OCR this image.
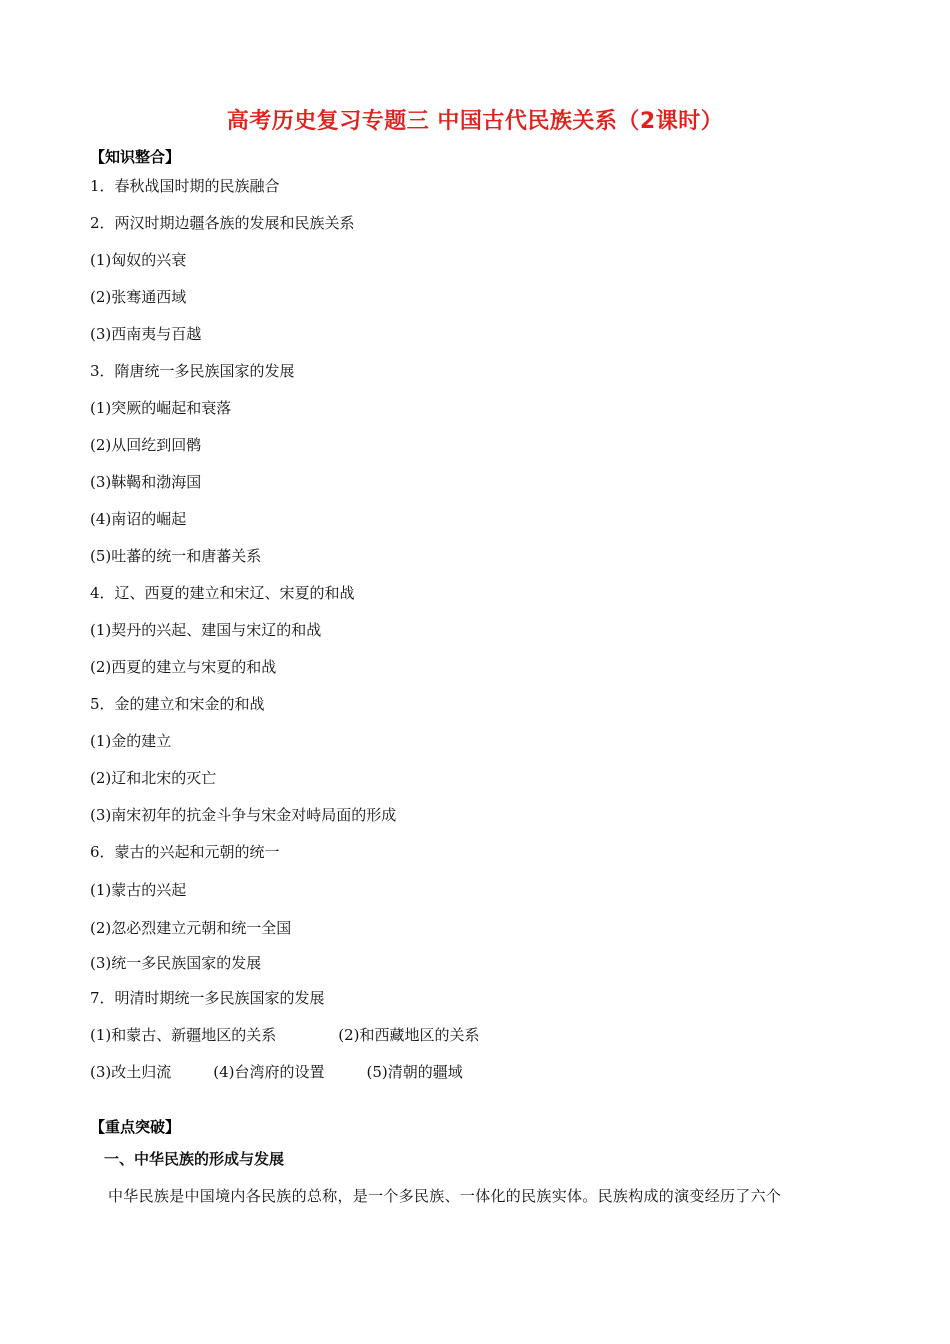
高考历史复习专题三 中国古代民族关系（2课时）
【知识整合】
1．春秋战国时期的民族融合
2．两汉时期边疆各族的发展和民族关系
(1)匈奴的兴衰
(2)张骞通西域
(3)西南夷与百越
3．隋唐统一多民族国家的发展
(1)突厥的崛起和衰落
(2)从回纥到回鹘
(3)靺鞨和渤海国
(4)南诏的崛起
(5)吐蕃的统一和唐蕃关系
4．辽、西夏的建立和宋辽、宋夏的和战
(1)契丹的兴起、建国与宋辽的和战
(2)西夏的建立与宋夏的和战
5．金的建立和宋金的和战
(1)金的建立
(2)辽和北宋的灭亡
(3)南宋初年的抗金斗争与宋金对峙局面的形成
6．蒙古的兴起和元朝的统一
(1)蒙古的兴起
(2)忽必烈建立元朝和统一全国
(3)统一多民族国家的发展
7．明清时期统一多民族国家的发展
(1)和蒙古、新疆地区的关系	(2)和西藏地区的关系
(3)改土归流	(4)台湾府的设置	(5)清朝的疆域
【重点突破】
一、中华民族的形成与发展
中华民族是中国境内各民族的总称，是一个多民族、一体化的民族实体。民族构成的演变经历了六个
